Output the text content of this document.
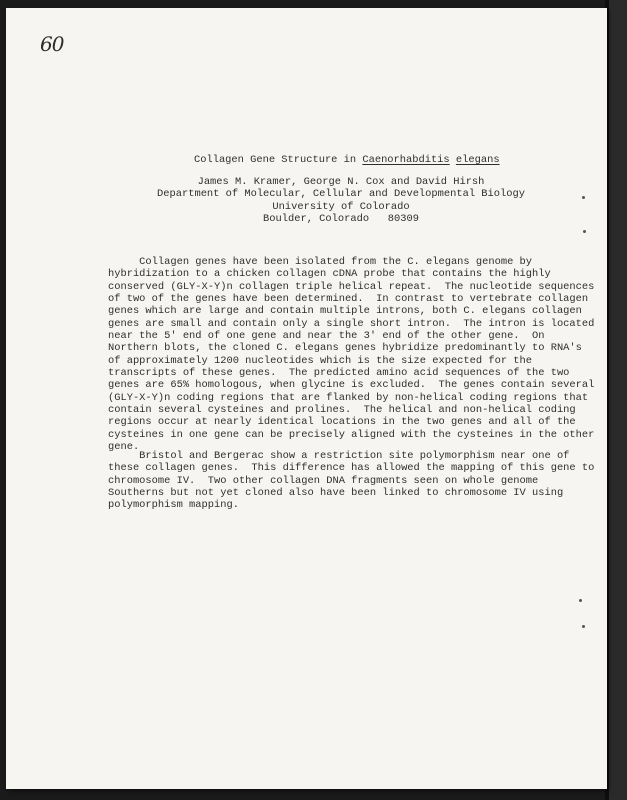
60
Collagen Gene Structure in Caenorhabditis elegans
James M. Kramer, George N. Cox and David Hirsh
Department of Molecular, Cellular and Developmental Biology
University of Colorado
Boulder, Colorado   80309
Collagen genes have been isolated from the C. elegans genome by
hybridization to a chicken collagen cDNA probe that contains the highly
conserved (GLY-X-Y)n collagen triple helical repeat.  The nucleotide sequences
of two of the genes have been determined.  In contrast to vertebrate collagen
genes which are large and contain multiple introns, both C. elegans collagen
genes are small and contain only a single short intron.  The intron is located
near the 5' end of one gene and near the 3' end of the other gene.  On
Northern blots, the cloned C. elegans genes hybridize predominantly to RNA's
of approximately 1200 nucleotides which is the size expected for the
transcripts of these genes.  The predicted amino acid sequences of the two
genes are 65% homologous, when glycine is excluded.  The genes contain several
(GLY-X-Y)n coding regions that are flanked by non-helical coding regions that
contain several cysteines and prolines.  The helical and non-helical coding
regions occur at nearly identical locations in the two genes and all of the
cysteines in one gene can be precisely aligned with the cysteines in the other
gene.
Bristol and Bergerac show a restriction site polymorphism near one of
these collagen genes.  This difference has allowed the mapping of this gene to
chromosome IV.  Two other collagen DNA fragments seen on whole genome
Southerns but not yet cloned also have been linked to chromosome IV using
polymorphism mapping.
